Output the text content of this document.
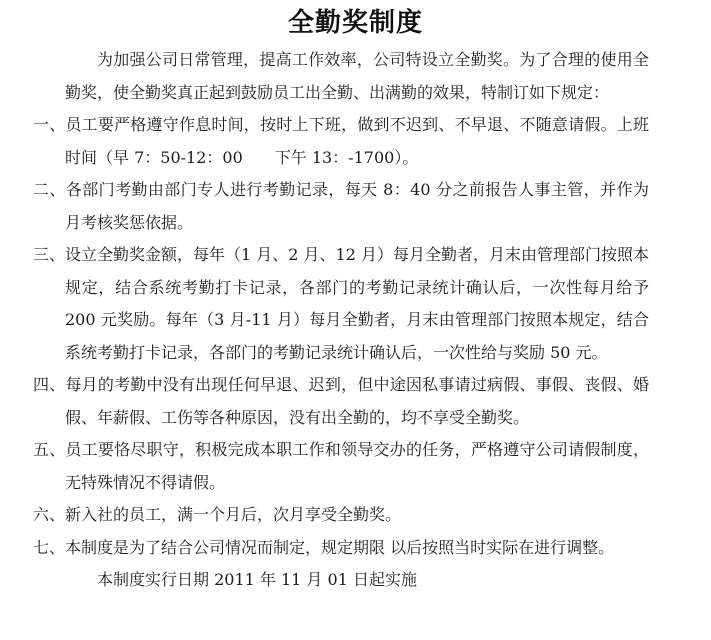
全勤奖制度

为加强公司日常管理，提高工作效率，公司特设立全勤奖。为了合理的使用全勤奖，使全勤奖真正起到鼓励员工出全勤、出满勤的效果，特制订如下规定：

一、员工要严格遵守作息时间，按时上下班，做到不迟到、不早退、不随意请假。上班时间（早 7：50-12：00　　下午 13：-1700）。

二、各部门考勤由部门专人进行考勤记录，每天 8：40 分之前报告人事主管，并作为月考核奖惩依据。

三、设立全勤奖金额，每年（1 月、2 月、12 月）每月全勤者，月末由管理部门按照本规定，结合系统考勤打卡记录，各部门的考勤记录统计确认后，一次性每月给予 200 元奖励。每年（3 月-11 月）每月全勤者，月末由管理部门按照本规定，结合系统考勤打卡记录，各部门的考勤记录统计确认后，一次性给与奖励 50 元。

四、每月的考勤中没有出现任何早退、迟到，但中途因私事请过病假、事假、丧假、婚假、年薪假、工伤等各种原因，没有出全勤的，均不享受全勤奖。

五、员工要恪尽职守，积极完成本职工作和领导交办的任务，严格遵守公司请假制度，无特殊情况不得请假。

六、新入社的员工，满一个月后，次月享受全勤奖。

七、本制度是为了结合公司情况而制定，规定期限 以后按照当时实际在进行调整。

本制度实行日期 2011 年 11 月 01 日起实施
